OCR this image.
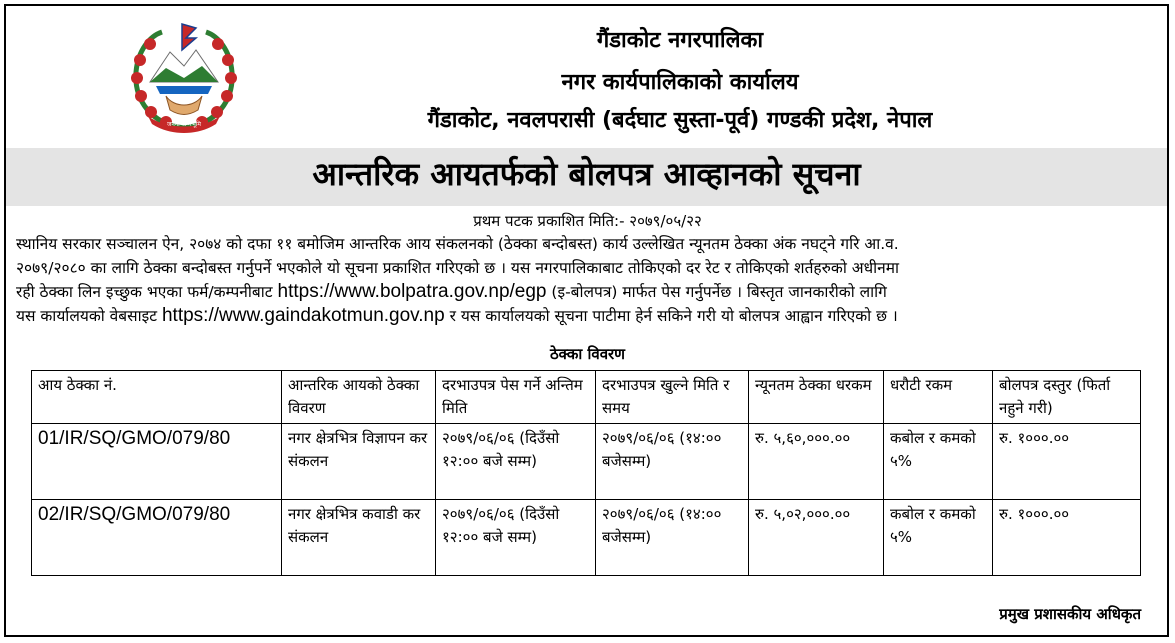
जननी जन्मभूमि
गैंडाकोट नगरपालिका
नगर कार्यपालिकाको कार्यालय
गैंडाकोट, नवलपरासी (बर्दघाट सुस्ता-पूर्व) गण्डकी प्रदेश, नेपाल
आन्तरिक आयतर्फको बोलपत्र आव्हानको सूचना
प्रथम पटक प्रकाशित मिति:- २०७९/०५/२२
स्थानिय सरकार सञ्चालन ऐन, २०७४ को दफा ११ बमोजिम आन्तरिक आय संकलनको (ठेक्का बन्दोबस्त) कार्य उल्लेखित न्यूनतम ठेक्का अंक नघट्ने गरि आ.व.
२०७९/२०८० का लागि ठेक्का बन्दोबस्त गर्नुपर्ने भएकोले यो सूचना प्रकाशित गरिएको छ । यस नगरपालिकाबाट तोकिएको दर रेट र तोकिएको शर्तहरुको अधीनमा
रही ठेक्का लिन इच्छुक भएका फर्म/कम्पनीबाट https://www.bolpatra.gov.np/egp (इ-बोलपत्र) मार्फत पेस गर्नुपर्नेछ । बिस्तृत जानकारीको लागि
यस कार्यालयको वेबसाइट https://www.gaindakotmun.gov.np र यस कार्यालयको सूचना पाटीमा हेर्न सकिने गरी यो बोलपत्र आह्वान गरिएको छ ।
ठेक्का विवरण
आय ठेक्का नं.	आन्तरिक आयको ठेक्का विवरण	दरभाउपत्र पेस गर्ने अन्तिम मिति	दरभाउपत्र खुल्ने मिति र समय	न्यूनतम ठेक्का धरकम	धरौटी रकम	बोलपत्र दस्तुर (फिर्ता नहुने गरी)
01/IR/SQ/GMO/079/80	नगर क्षेत्रभित्र विज्ञापन कर संकलन	२०७९/०६/०६ (दिउँसो १२:०० बजे सम्म)	२०७९/०६/०६ (१४:०० बजेसम्म)	रु. ५,६०,०००.००	कबोल र कमको ५%	रु. १०००.००
02/IR/SQ/GMO/079/80	नगर क्षेत्रभित्र कवाडी कर संकलन	२०७९/०६/०६ (दिउँसो १२:०० बजे सम्म)	२०७९/०६/०६ (१४:०० बजेसम्म)	रु. ५,०२,०००.००	कबोल र कमको ५%	रु. १०००.००
प्रमुख प्रशासकीय अधिकृत
